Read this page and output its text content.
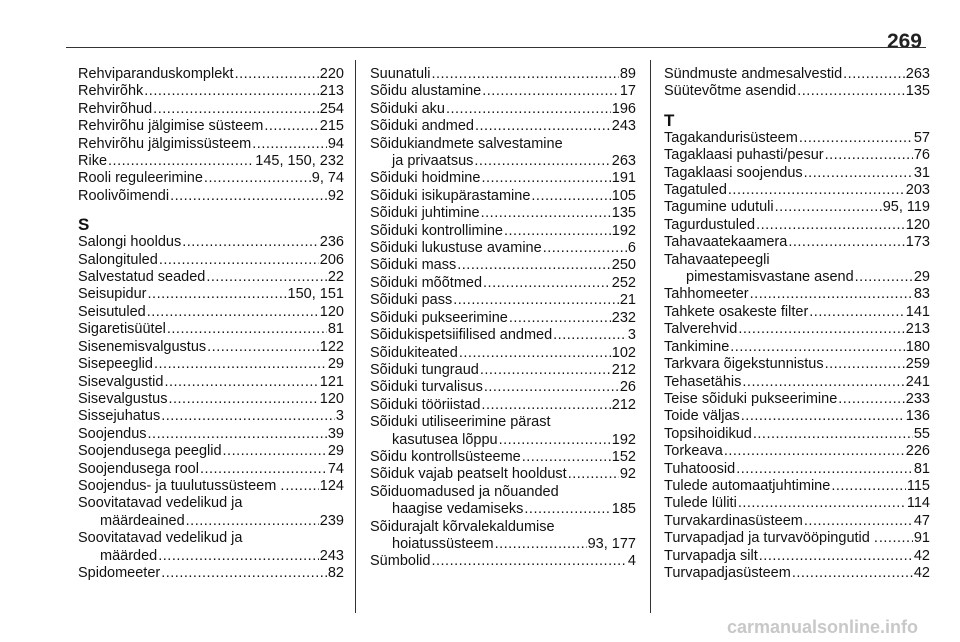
269
Rehviparanduskomplekt .....	220
Rehvirõhk .....	213
Rehvirõhud .....	254
Rehvirõhu jälgimise süsteem .....	215
Rehvirõhu jälgimissüsteem .....	94
Rike .....	145, 150, 232
Rooli reguleerimine .....	9, 74
Roolivõimendi .....	92
S
Salongi hooldus .....	236
Salongituled .....	206
Salvestatud seaded .....	22
Seisupidur .....	150, 151
Seisutuled .....	120
Sigaretisüütel .....	81
Sisenemisvalgustus .....	122
Sisepeeglid .....	29
Sisevalgustid .....	121
Sisevalgustus .....	120
Sissejuhatus .....	3
Soojendus .....	39
Soojendusega peeglid .....	29
Soojendusega rool .....	74
Soojendus- ja tuulutussüsteem . ..... 124
Soovitatavad vedelikud ja
määrdeained .....	239
Soovitatavad vedelikud ja
määrded .....	243
Spidomeeter .....	82
Suunatuli .....	89
Sõidu alustamine .....	17
Sõiduki aku .....	196
Sõiduki andmed .....	243
Sõidukiandmete salvestamine
ja privaatsus .....	263
Sõiduki hoidmine .....	191
Sõiduki isikupärastamine .....	105
Sõiduki juhtimine .....	135
Sõiduki kontrollimine .....	192
Sõiduki lukustuse avamine .....	6
Sõiduki mass .....	250
Sõiduki mõõtmed .....	252
Sõiduki pass .....	21
Sõiduki pukseerimine .....	232
Sõidukispetsiifilised andmed .....	3
Sõidukiteated .....	102
Sõiduki tungraud .....	212
Sõiduki turvalisus .....	26
Sõiduki tööriistad .....	212
Sõiduki utiliseerimine pärast
kasutusea lõppu .....	192
Sõidu kontrollsüsteeme .....	152
Sõiduk vajab peatselt hooldust .....	92
Sõiduomadused ja nõuanded
haagise vedamiseks .....	185
Sõidurajalt kõrvalekaldumise
hoiatussüsteem .....	93, 177
Sümbolid .....	4
Sündmuste andmesalvestid .....	263
Süütevõtme asendid .....	135
T
Tagakandurisüsteem .....	57
Tagaklaasi puhasti/pesur .....	76
Tagaklaasi soojendus .....	31
Tagatuled .....	203
Tagumine udutuli .....	95, 119
Tagurdustuled .....	120
Tahavaatekaamera .....	173
Tahavaatepeegli
pimestamisvastane asend .....	29
Tahhomeeter .....	83
Tahkete osakeste filter .....	141
Talverehvid .....	213
Tankimine .....	180
Tarkvara õigekstunnistus .....	259
Tehasetähis .....	241
Teise sõiduki pukseerimine .....	233
Toide väljas .....	136
Topsihoidikud .....	55
Torkeava .....	226
Tuhatoosid .....	81
Tulede automaatjuhtimine .....	115
Tulede lüliti .....	114
Turvakardinasüsteem .....	47
Turvapadjad ja turvavööpingutid . ..... 91
Turvapadja silt .....	42
Turvapadjasüsteem .....	42
carmanualsonline.info
